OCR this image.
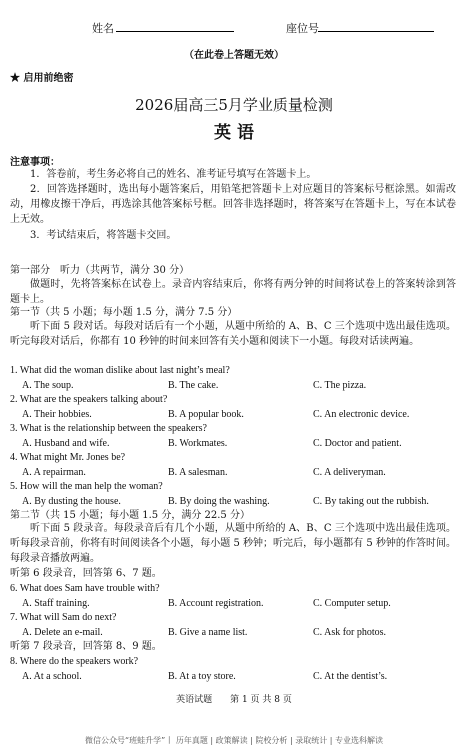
姓名	座位号
（在此卷上答题无效）
★ 启用前绝密
2026届高三5月学业质量检测
英 语
注意事项：
1．答卷前，考生务必将自己的姓名、准考证号填写在答题卡上。
2．回答选择题时，选出每小题答案后，用铅笔把答题卡上对应题目的答案标号框涂黑。如需改动，用橡皮擦干净后，再选涂其他答案标号框。回答非选择题时，将答案写在答题卡上，写在本试卷上无效。
3．考试结束后，将答题卡交回。
第一部分　听力（共两节，满分 30 分）
做题时，先将答案标在试卷上。录音内容结束后，你将有两分钟的时间将试卷上的答案转涂到答题卡上。
第一节（共 5 小题；每小题 1.5 分，满分 7.5 分）
听下面 5 段对话。每段对话后有一个小题，从题中所给的 A、B、C 三个选项中选出最佳选项。听完每段对话后，你都有 10 秒钟的时间来回答有关小题和阅读下一小题。每段对话读两遍。
1. What did the woman dislike about last night’s meal?
A. The soup.	B. The cake.	C. The pizza.
2. What are the speakers talking about?
A. Their hobbies.	B. A popular book.	C. An electronic device.
3. What is the relationship between the speakers?
A. Husband and wife.	B. Workmates.	C. Doctor and patient.
4. What might Mr. Jones be?
A. A repairman.	B. A salesman.	C. A deliveryman.
5. How will the man help the woman?
A. By dusting the house.	B. By doing the washing.	C. By taking out the rubbish.
第二节（共 15 小题；每小题 1.5 分，满分 22.5 分）
听下面 5 段录音。每段录音后有几个小题，从题中所给的 A、B、C 三个选项中选出最佳选项。听每段录音前，你将有时间阅读各个小题，每小题 5 秒钟；听完后，每小题都有 5 秒钟的作答时间。每段录音播放两遍。
听第 6 段录音，回答第 6、7 题。
6. What does Sam have trouble with?
A. Staff training.	B. Account registration.	C. Computer setup.
7. What will Sam do next?
A. Delete an e-mail.	B. Give a name list.	C. Ask for photos.
听第 7 段录音，回答第 8、9 题。
8. Where do the speakers work?
A. At a school.	B. At a toy store.	C. At the dentist’s.
英语试题　　第 1 页 共 8 页
微信公众号“班蛙升学”丨 历年真题 | 政策解读 | 院校分析 | 录取统计 | 专业选科解读
